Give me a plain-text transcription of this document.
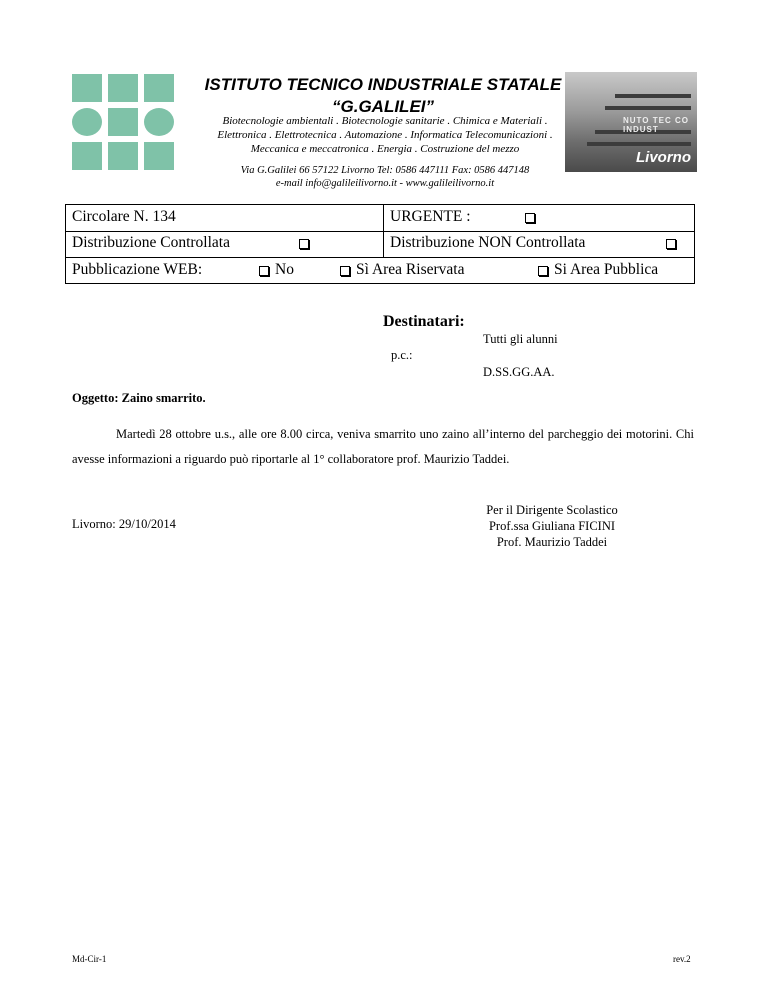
ISTITUTO TECNICO INDUSTRIALE STATALE
“G.GALILEI”
Biotecnologie ambientali . Biotecnologie sanitarie . Chimica e Materiali .
Elettronica . Elettrotecnica . Automazione . Informatica Telecomunicazioni .
Meccanica e meccatronica . Energia . Costruzione del mezzo
Via G.Galilei 66 57122 Livorno Tel: 0586 447111 Fax: 0586 447148
e-mail info@galileilivorno.it - www.galileilivorno.it
NUTO TEC CO INDUST
Livorno
Circolare N. 134	URGENTE :
Distribuzione Controllata	Distribuzione NON Controllata
Pubblicazione WEB:	No	Sì Area Riservata	Si Area Pubblica
Destinatari:
Tutti gli alunni
p.c.:
D.SS.GG.AA.
Oggetto: Zaino smarrito.
Martedì 28 ottobre u.s., alle ore 8.00 circa, veniva smarrito uno zaino all’interno del parcheggio dei motorini. Chi avesse informazioni a riguardo può riportarle al 1° collaboratore prof. Maurizio Taddei.
Per il Dirigente Scolastico
Prof.ssa Giuliana FICINI
Prof. Maurizio Taddei
Livorno: 29/10/2014
Md-Cir-1	rev.2
